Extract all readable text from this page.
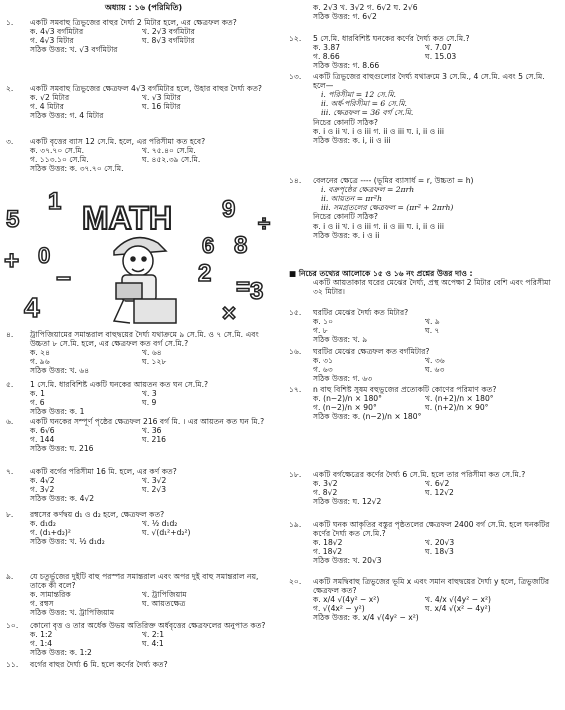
অধ্যায় : ১৬ (পরিমিতি)
MATH
5
1	9
8
6
2
4
+
−
×
÷
= 3
0
১. একটি সমবাহু ত্রিভুজের বাহুর দৈর্ঘ্য 2 মিটার হলে, এর ক্ষেত্রফল কত?
ক. 4√3 বর্গমিটার	খ. 2√3 বর্গমিটার
গ. 4√3 মিটার	ঘ. 8√3 বর্গমিটার
সঠিক উত্তর: খ. √3 বর্গমিটার
২. একটি সমবাহু ত্রিভুজের ক্ষেত্রফল 4√3 বর্গমিটার হলে, উহার বাহুর দৈর্ঘ্য কত?
ক. √2 মিটার	খ. √3 মিটার
গ. 4 মিটার	ঘ. 16 মিটার
সঠিক উত্তর: গ. 4 মিটার
৩. একটি বৃত্তের ব্যাস 12 সে.মি. হলে, এর পরিসীমা কত হবে?
ক. ৩৭.৭০ সে.মি.	খ. ৭৫.৪০ সে.মি.
গ. ১১৩.১০ সে.মি.	ঘ. ৪৫২.৩৯ সে.মি.
সঠিক উত্তর: ক. ৩৭.৭০ সে.মি.
৪. ট্রাপিজিয়ামের সমান্তরাল বাহুদ্বয়ের দৈর্ঘ্য যথাক্রমে ৯ সে.মি. ও ৭ সে.মি. এবং উচ্চতা ৮ সে.মি. হলে, এর ক্ষেত্রফল কত বর্গ সে.মি.?
ক. ২৪	খ. ৬৪
গ. ৯৬	ঘ. ১২৮
সঠিক উত্তর: খ. ৬৪
৫. 1 সে.মি. ধারবিশিষ্ট একটি ঘনকের আয়তন কত ঘন সে.মি.?
ক. 1	খ. 3
গ. 6	ঘ. 9
সঠিক উত্তর: ক. 1
৬. একটি ঘনকের সম্পূর্ণ পৃষ্ঠের ক্ষেত্রফল 216 বর্গ মি. । এর আয়তন কত ঘন মি.?
ক. 6√6	খ. 36
গ. 144	ঘ. 216
সঠিক উত্তর: ঘ. 216
৭. একটি বর্গের পরিসীমা 16 মি. হলে, এর কর্ণ কত?
ক. 4√2	খ. 3√2
গ. 3√2	ঘ. 2√3
সঠিক উত্তর: ক. 4√2
৮. রম্বসের কর্ণদ্বয় d₁ ও d₂ হলে, ক্ষেত্রফল কত?
ক. d₁d₂	খ. ½ d₁d₂
গ. (d₁+d₂)²	ঘ. √(d₁²+d₂²)
সঠিক উত্তর: খ. ½ d₁d₂
৯. যে চতুর্ভুজের দুইটি বাহু পরস্পর সমান্তরাল এবং অপর দুই বাহু সমান্তরাল নয়, তাকে কী বলে?
ক. সামান্তরিক	খ. ট্রাপিজিয়াম
গ. রম্বস	ঘ. আয়তক্ষেত্র
সঠিক উত্তর: খ. ট্রাপিজিয়াম
১০. কোনো বৃত্ত ও তার অর্ধেক উভয় অতিরিক্ত অর্ধবৃত্তের ক্ষেত্রফলের অনুপাত কত?
ক. 1:2	খ. 2:1
গ. 1:4	ঘ. 4:1
সঠিক উত্তর: ক. 1:2
১১. বর্গের বাহুর দৈর্ঘ্য 6 মি. হলে কর্ণের দৈর্ঘ্য কত?
ক. 2√3 খ. 3√2 গ. 6√2 ঘ. 2√6
সঠিক উত্তর: গ. 6√2
১২. 5 সে.মি. ধারবিশিষ্ট ঘনকের কর্ণের দৈর্ঘ্য কত সে.মি.?
ক. 3.87	খ. 7.07
গ. 8.66	ঘ. 15.03
সঠিক উত্তর: গ. 8.66
১৩. একটি ত্রিভুজের বাহুগুলোর দৈর্ঘ্য যথাক্রমে 3 সে.মি., 4 সে.মি. এবং 5 সে.মি. হলে—
i. পরিসীমা = 12 সে.মি.
ii. অর্ধ-পরিসীমা = 6 সে.মি.
iii. ক্ষেত্রফল = 36 বর্গ সে.মি.
নিচের কোনটি সঠিক?
ক. i ও ii খ. i ও iii গ. ii ও iii ঘ. i, ii ও iii
সঠিক উত্তর: ক. i, ii ও iii
১৪. বেলনের ক্ষেত্রে ---- (ভূমির ব্যাসার্ধ = r, উচ্চতা = h)
i. বক্রপৃষ্ঠের ক্ষেত্রফল = 2πrh
ii. আয়তন = πr²h
iii. সমগ্রতলের ক্ষেত্রফল = (πr² + 2πrh)
নিচের কোনটি সঠিক?
ক. i ও ii খ. i ও iii গ. ii ও iii ঘ. i, ii ও iii
সঠিক উত্তর: ক. i ও ii
■ নিচের তথ্যের আলোকে ১৫ ও ১৬ নং প্রশ্নের উত্তর দাও :
একটি আয়তাকার ঘরের মেঝের দৈর্ঘ্য, প্রস্থ অপেক্ষা 2 মিটার বেশি এবং পরিসীমা ৩২ মিটার।
১৫. ঘরটির মেঝের দৈর্ঘ্য কত মিটার?
ক. ১০	খ. ৯
গ. ৮	ঘ. ৭
সঠিক উত্তর: খ. ৯
১৬. ঘরটির মেঝের ক্ষেত্রফল কত বর্গমিটার?
ক. ৩১	খ. ৩৬
গ. ৬৩	ঘ. ৬৩
সঠিক উত্তর: গ. ৬৩
১৭. n বাহু বিশিষ্ট সুষম বহুভুজের প্রত্যেকটি কোণের পরিমাণ কত?
ক. (n−2)/n × 180°	খ. (n+2)/n × 180°
গ. (n−2)/n × 90°	ঘ. (n+2)/n × 90°
সঠিক উত্তর: ক. (n−2)/n × 180°
১৮. একটি বর্গক্ষেত্রের কর্ণের দৈর্ঘ্য 6 সে.মি. হলে তার পরিসীমা কত সে.মি.?
ক. 3√2	খ. 6√2
গ. 8√2	ঘ. 12√2
সঠিক উত্তর: ঘ. 12√2
১৯. একটি ঘনক আকৃতির বস্তুর পৃষ্ঠতলের ক্ষেত্রফল 2400 বর্গ সে.মি. হলে ঘনকটির কর্ণের দৈর্ঘ্য কত সে.মি.?
ক. 18√2	খ. 20√3
গ. 18√2	ঘ. 18√3
সঠিক উত্তর: খ. 20√3
২০. একটি সমদ্বিবাহু ত্রিভুজের ভূমি x এবং সমান বাহুদ্বয়ের দৈর্ঘ্য y হলে, ত্রিভুজটির ক্ষেত্রফল কত?
ক. x/4 √(4y² − x²)	খ. 4/x √(4y² − x²)
গ. √(4x² − y²)	ঘ. x/4 √(x² − 4y²)
সঠিক উত্তর: ক. x/4 √(4y² − x²)
